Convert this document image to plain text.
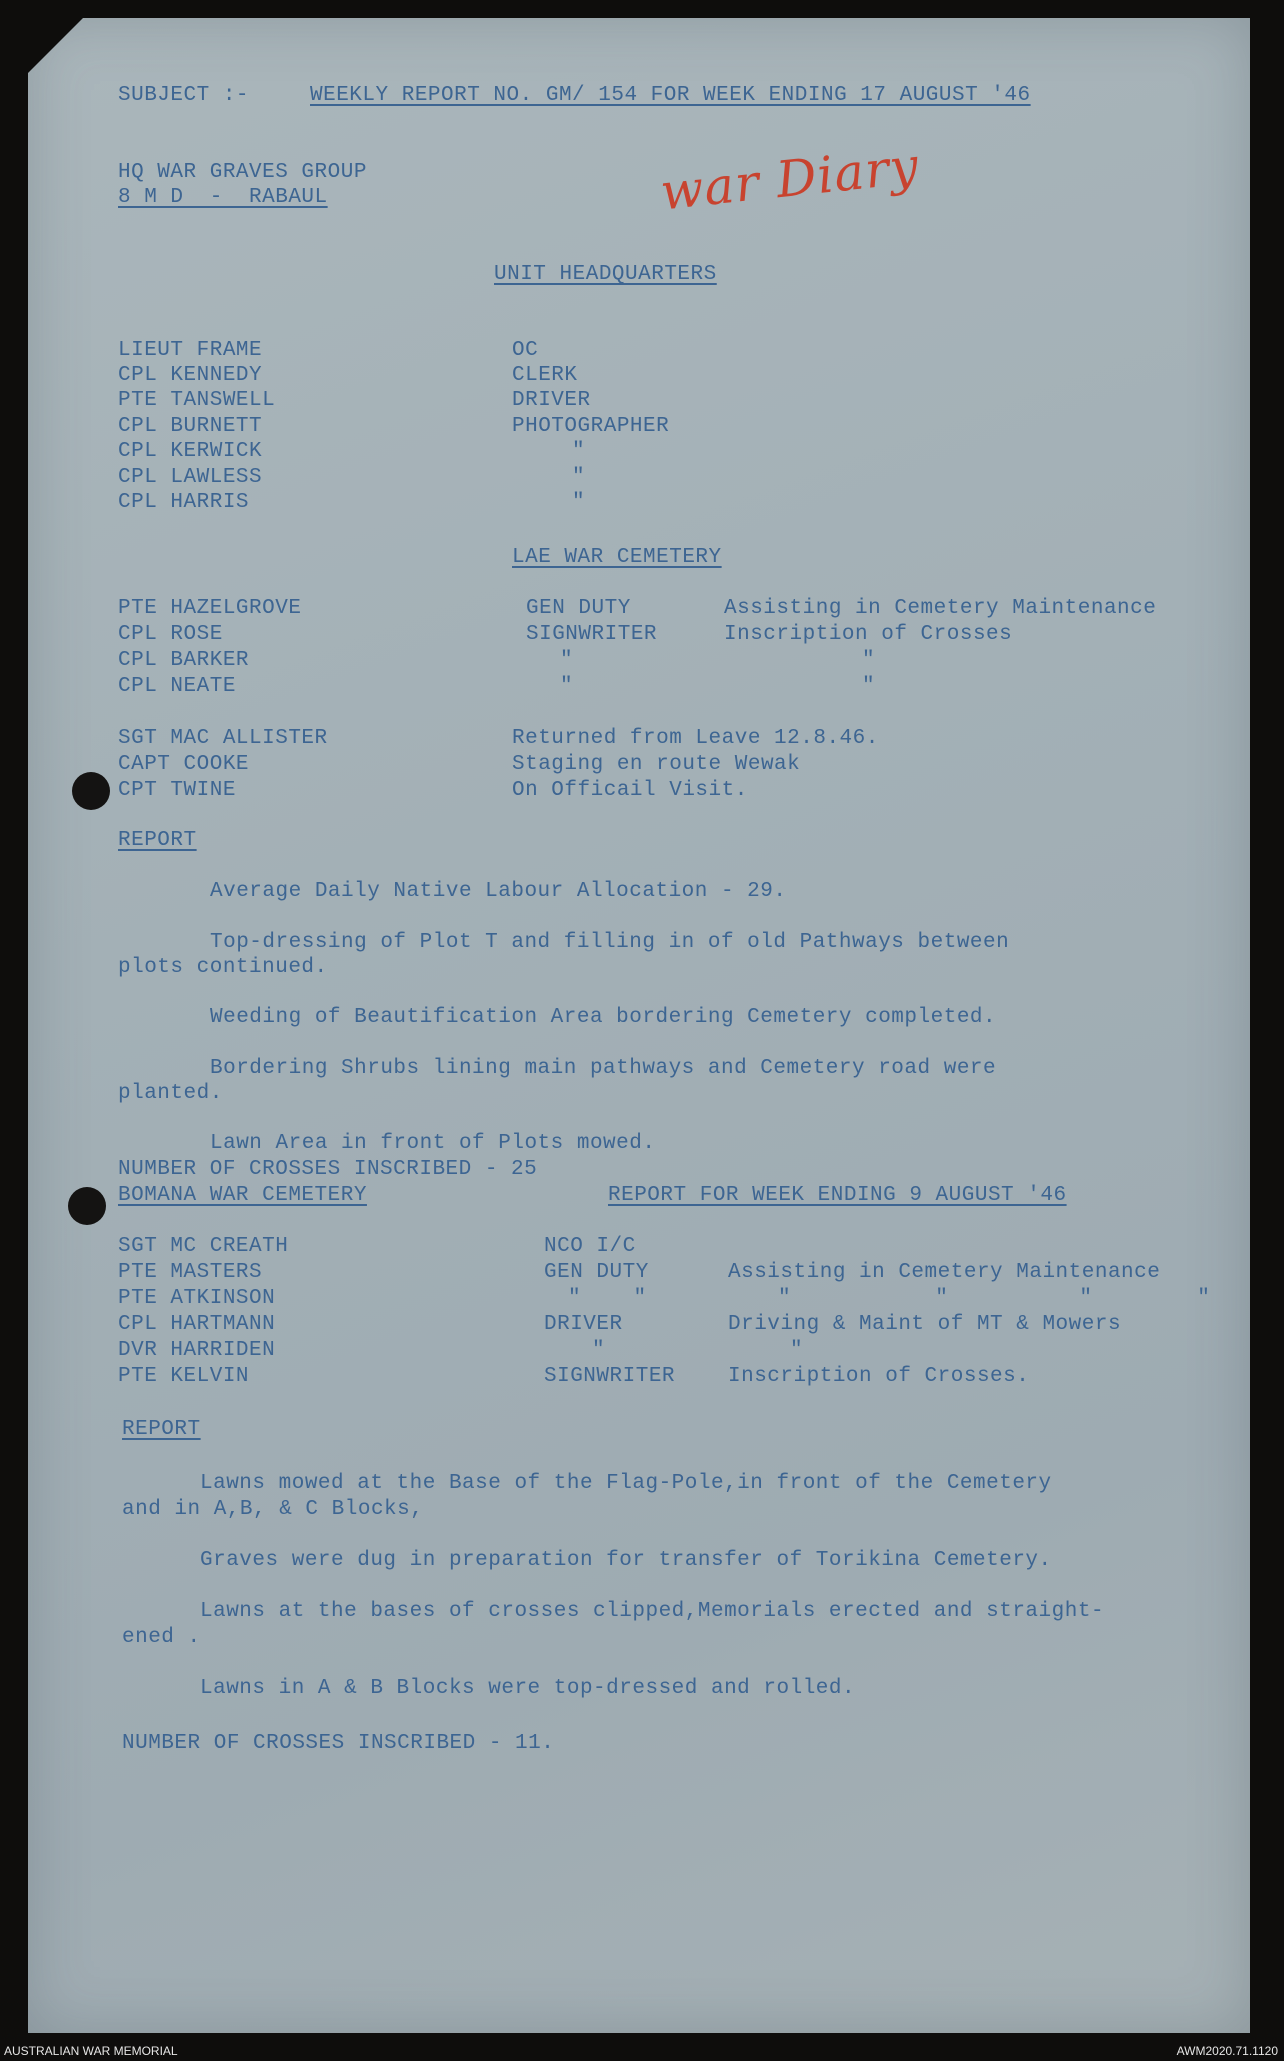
SUBJECT :-	WEEKLY REPORT NO. GM/ 154 FOR WEEK ENDING 17 AUGUST '46
HQ WAR GRAVES GROUP
8 M D  -  RABAUL	war Diary
UNIT HEADQUARTERS
LIEUT FRAME	OC
CPL KENNEDY	CLERK
PTE TANSWELL	DRIVER
CPL BURNETT	PHOTOGRAPHER
CPL KERWICK	"
CPL LAWLESS	"
CPL HARRIS	"
LAE WAR CEMETERY
PTE HAZELGROVE	GEN DUTY	Assisting in Cemetery Maintenance
CPL ROSE	SIGNWRITER	Inscription of Crosses
CPL BARKER	"	"
CPL NEATE	"	"
SGT MAC ALLISTER	Returned from Leave 12.8.46.
CAPT COOKE	Staging en route Wewak
CPT TWINE	On Officail Visit.
REPORT
Average Daily Native Labour Allocation - 29.
Top-dressing of Plot T and filling in of old Pathways between
plots continued.
Weeding of Beautification Area bordering Cemetery completed.
Bordering Shrubs lining main pathways and Cemetery road were
planted.
Lawn Area in front of Plots mowed.
NUMBER OF CROSSES INSCRIBED - 25
BOMANA WAR CEMETERY	REPORT FOR WEEK ENDING 9 AUGUST '46
SGT MC CREATH	NCO I/C
PTE MASTERS	GEN DUTY	Assisting in Cemetery Maintenance
PTE ATKINSON	"    "	"           "          "        "
CPL HARTMANN	DRIVER	Driving & Maint of MT & Mowers
DVR HARRIDEN	"	"
PTE KELVIN	SIGNWRITER	Inscription of Crosses.
REPORT
Lawns mowed at the Base of the Flag-Pole,in front of the Cemetery
and in A,B, & C Blocks,
Graves were dug in preparation for transfer of Torikina Cemetery.
Lawns at the bases of crosses clipped,Memorials erected and straight-
ened .
Lawns in A & B Blocks were top-dressed and rolled.
NUMBER OF CROSSES INSCRIBED - 11.
AUSTRALIAN WAR MEMORIAL	AWM2020.71.1120
